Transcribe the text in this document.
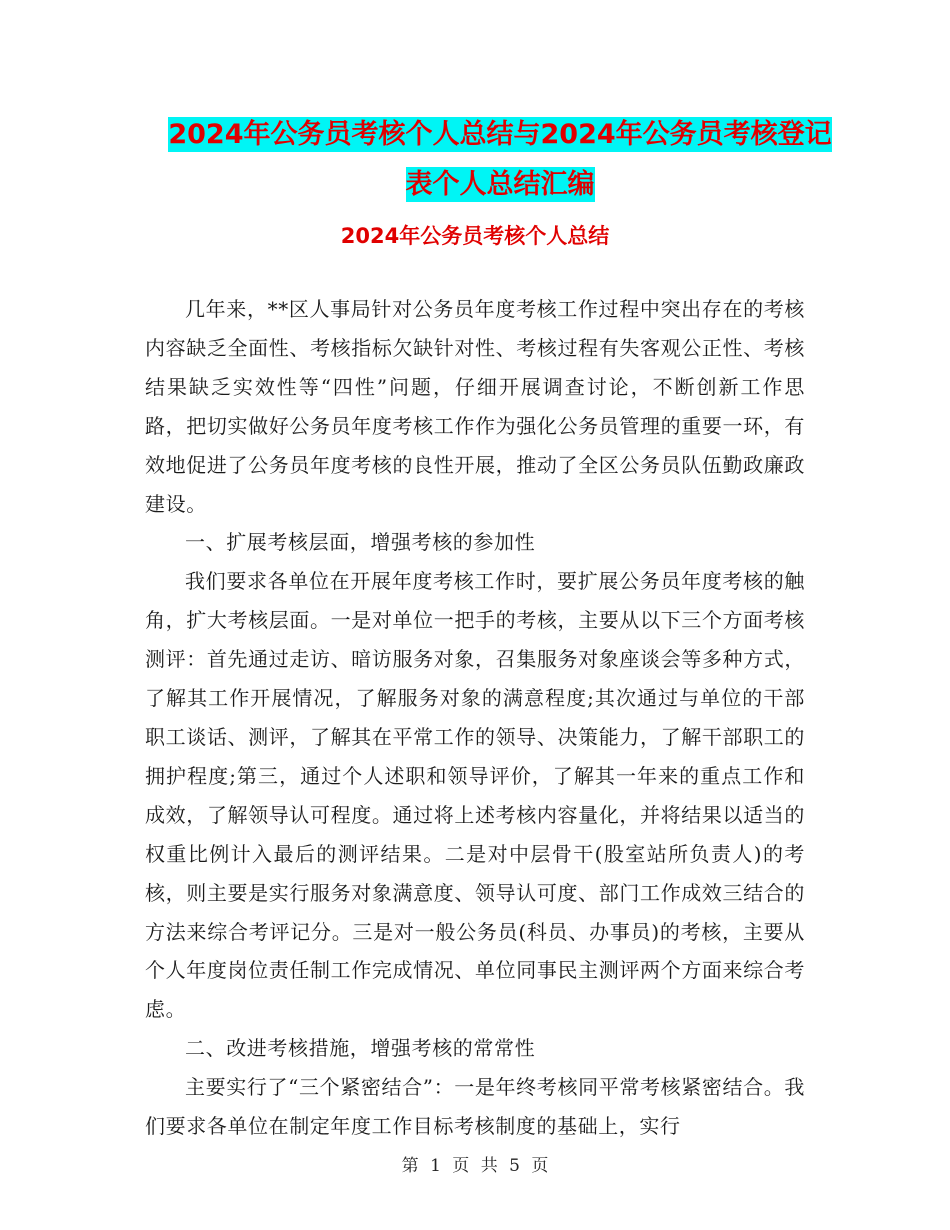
2024年公务员考核个人总结与2024年公务员考核登记
表个人总结汇编
2024年公务员考核个人总结

几年来，**区人事局针对公务员年度考核工作过程中突出存在的考核内容缺乏全面性、考核指标欠缺针对性、考核过程有失客观公正性、考核结果缺乏实效性等“四性”问题，仔细开展调查讨论，不断创新工作思路，把切实做好公务员年度考核工作作为强化公务员管理的重要一环，有效地促进了公务员年度考核的良性开展，推动了全区公务员队伍勤政廉政建设。

一、扩展考核层面，增强考核的参加性

我们要求各单位在开展年度考核工作时，要扩展公务员年度考核的触角，扩大考核层面。一是对单位一把手的考核，主要从以下三个方面考核测评：首先通过走访、暗访服务对象，召集服务对象座谈会等多种方式，了解其工作开展情况，了解服务对象的满意程度;其次通过与单位的干部职工谈话、测评，了解其在平常工作的领导、决策能力，了解干部职工的拥护程度;第三，通过个人述职和领导评价，了解其一年来的重点工作和成效，了解领导认可程度。通过将上述考核内容量化，并将结果以适当的权重比例计入最后的测评结果。二是对中层骨干(股室站所负责人)的考核，则主要是实行服务对象满意度、领导认可度、部门工作成效三结合的方法来综合考评记分。三是对一般公务员(科员、办事员)的考核，主要从个人年度岗位责任制工作完成情况、单位同事民主测评两个方面来综合考虑。

二、改进考核措施，增强考核的常常性

主要实行了“三个紧密结合”：一是年终考核同平常考核紧密结合。我们要求各单位在制定年度工作目标考核制度的基础上，实行

第 1 页 共 5 页
